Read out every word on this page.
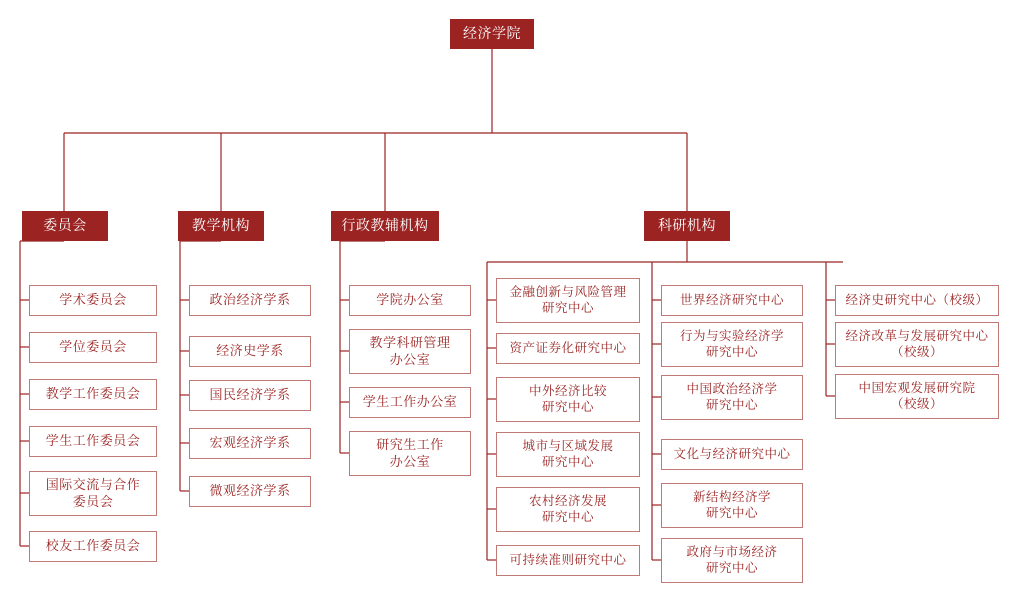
经济学院
委员会	教学机构	行政教辅机构	科研机构
学术委员会
学位委员会
教学工作委员会
学生工作委员会
国际交流与合作
委员会
校友工作委员会
政治经济学系
经济史学系
国民经济学系
宏观经济学系
微观经济学系
学院办公室
教学科研管理
办公室
学生工作办公室
研究生工作
办公室
金融创新与风险管理
研究中心
资产证券化研究中心
中外经济比较
研究中心
城市与区域发展
研究中心
农村经济发展
研究中心
可持续准则研究中心
世界经济研究中心
行为与实验经济学
研究中心
中国政治经济学
研究中心
文化与经济研究中心
新结构经济学
研究中心
政府与市场经济
研究中心
经济史研究中心（校级）
经济改革与发展研究中心
（校级）
中国宏观发展研究院
（校级）
